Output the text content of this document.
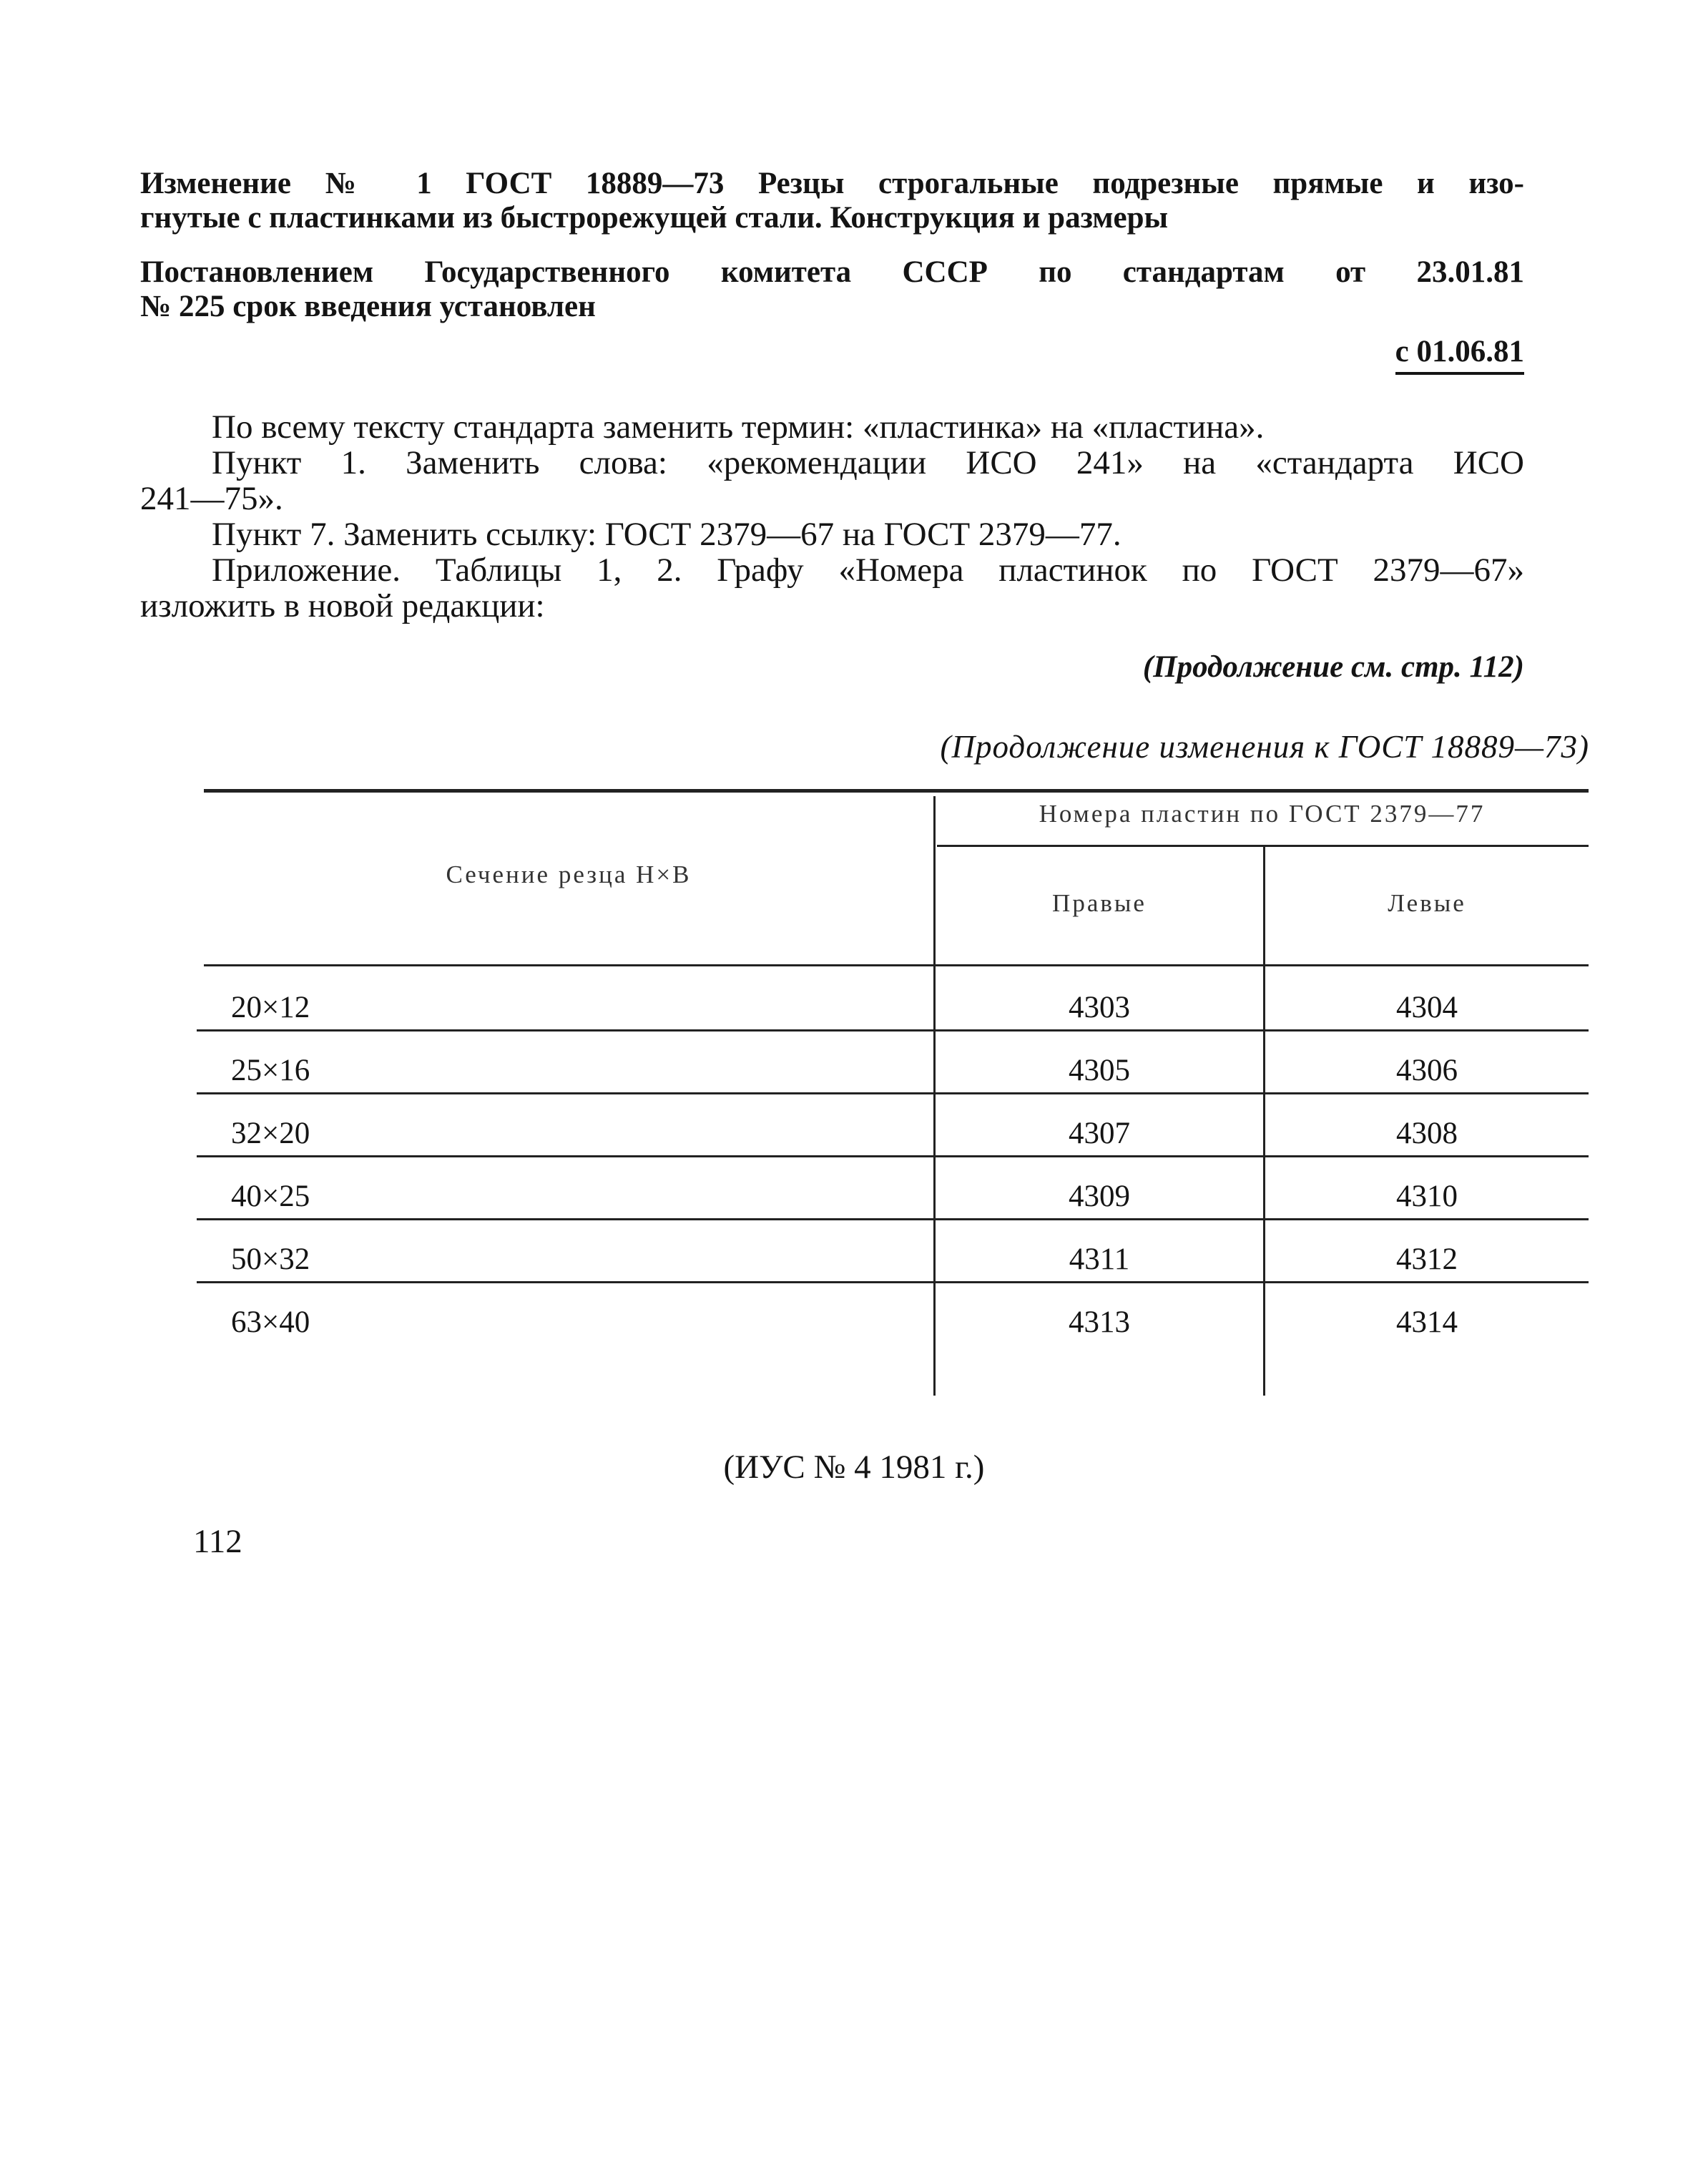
Изменение № 1 ГОСТ 18889—73 Резцы строгальные подрезные прямые и изо-
гнутые с пластинками из быстрорежущей стали. Конструкция и размеры
Постановлением Государственного комитета СССР по стандартам от 23.01.81
№ 225 срок введения установлен
с 01.06.81

По всему тексту стандарта заменить термин: «пластинка» на «пластина».

Пункт 1. Заменить слова: «рекомендации ИСО 241» на «стандарта ИСО

241—75».

Пункт 7. Заменить ссылку: ГОСТ 2379—67 на ГОСТ 2379—77.

Приложение. Таблицы 1, 2. Графу «Номера пластинок по ГОСТ 2379—67»

изложить в новой редакции:

(Продолжение см. стр. 112)
(Продолжение изменения к ГОСТ 18889—73)
Сечение резца H×B
Номера пластин по ГОСТ 2379—77
Правые	Левые
20×12	4303	4304
25×16	4305	4306
32×20	4307	4308
40×25	4309	4310
50×32	4311	4312
63×40	4313	4314
(ИУС № 4 1981 г.)
112
